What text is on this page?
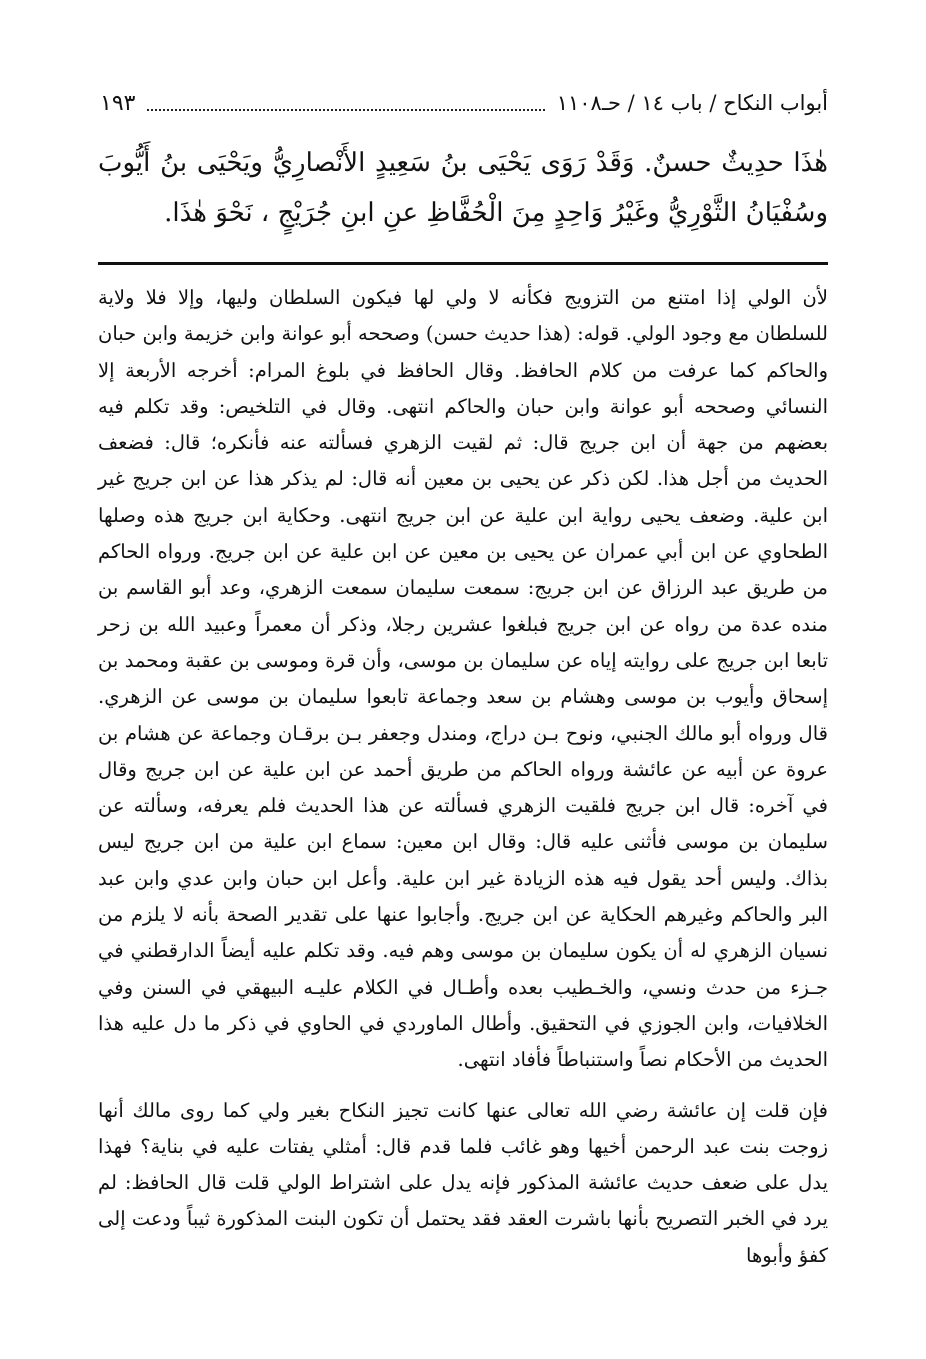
أبواب النكاح / باب ١٤ / حـ١١٠٨
١٩٣

هٰذَا حدِيثٌ حسنٌ. وَقَدْ رَوَى يَحْيَى بنُ سَعِيدٍ الأَنْصارِيُّ ويَحْيَى بنُ أَيُّوبَ وسُفْيَانُ الثَّوْرِيُّ وغَيْرُ وَاحِدٍ مِنَ الْحُفَّاظِ عنِ ابنِ جُرَيْجٍ ، نَحْوَ هٰذَا.

لأن الولي إذا امتنع من التزويج فكأنه لا ولي لها فيكون السلطان وليها، وإلا فلا ولاية للسلطان مع وجود الولي. قوله: (هذا حديث حسن) وصححه أبو عوانة وابن خزيمة وابن حبان والحاكم كما عرفت من كلام الحافظ. وقال الحافظ في بلوغ المرام: أخرجه الأربعة إلا النسائي وصححه أبو عوانة وابن حبان والحاكم انتهى. وقال في التلخيص: وقد تكلم فيه بعضهم من جهة أن ابن جريج قال: ثم لقيت الزهري فسألته عنه فأنكره؛ قال: فضعف الحديث من أجل هذا. لكن ذكر عن يحيى بن معين أنه قال: لم يذكر هذا عن ابن جريج غير ابن علية. وضعف يحيى رواية ابن علية عن ابن جريج انتهى. وحكاية ابن جريج هذه وصلها الطحاوي عن ابن أبي عمران عن يحيى بن معين عن ابن علية عن ابن جريج. ورواه الحاكم من طريق عبد الرزاق عن ابن جريج: سمعت سليمان سمعت الزهري، وعد أبو القاسم بن منده عدة من رواه عن ابن جريج فبلغوا عشرين رجلا، وذكر أن معمراً وعبيد الله بن زحر تابعا ابن جريج على روايته إياه عن سليمان بن موسى، وأن قرة وموسى بن عقبة ومحمد بن إسحاق وأيوب بن موسى وهشام بن سعد وجماعة تابعوا سليمان بن موسى عن الزهري. قال ورواه أبو مالك الجنبي، ونوح بـن دراج، ومندل وجعفر بـن برقـان وجماعة عن هشام بن عروة عن أبيه عن عائشة ورواه الحاكم من طريق أحمد عن ابن علية عن ابن جريج وقال في آخره: قال ابن جريج فلقيت الزهري فسألته عن هذا الحديث فلم يعرفه، وسألته عن سليمان بن موسى فأثنى عليه قال: وقال ابن معين: سماع ابن علية من ابن جريج ليس بذاك. وليس أحد يقول فيه هذه الزيادة غير ابن علية. وأعل ابن حبان وابن عدي وابن عبد البر والحاكم وغيرهم الحكاية عن ابن جريج. وأجابوا عنها على تقدير الصحة بأنه لا يلزم من نسيان الزهري له أن يكون سليمان بن موسى وهم فيه. وقد تكلم عليه أيضاً الدارقطني في جـزء من حدث ونسي، والخـطيب بعده وأطـال في الكلام عليـه البيهقي في السنن وفي الخلافيات، وابن الجوزي في التحقيق. وأطال الماوردي في الحاوي في ذكر ما دل عليه هذا الحديث من الأحكام نصاً واستنباطاً فأفاد انتهى.

فإن قلت إن عائشة رضي الله تعالى عنها كانت تجيز النكاح بغير ولي كما روى مالك أنها زوجت بنت عبد الرحمن أخيها وهو غائب فلما قدم قال: أمثلي يفتات عليه في بناية؟ فهذا يدل على ضعف حديث عائشة المذكور فإنه يدل على اشتراط الولي قلت قال الحافظ: لم يرد في الخبر التصريح بأنها باشرت العقد فقد يحتمل أن تكون البنت المذكورة ثيباً ودعت إلى كفؤ وأبوها
